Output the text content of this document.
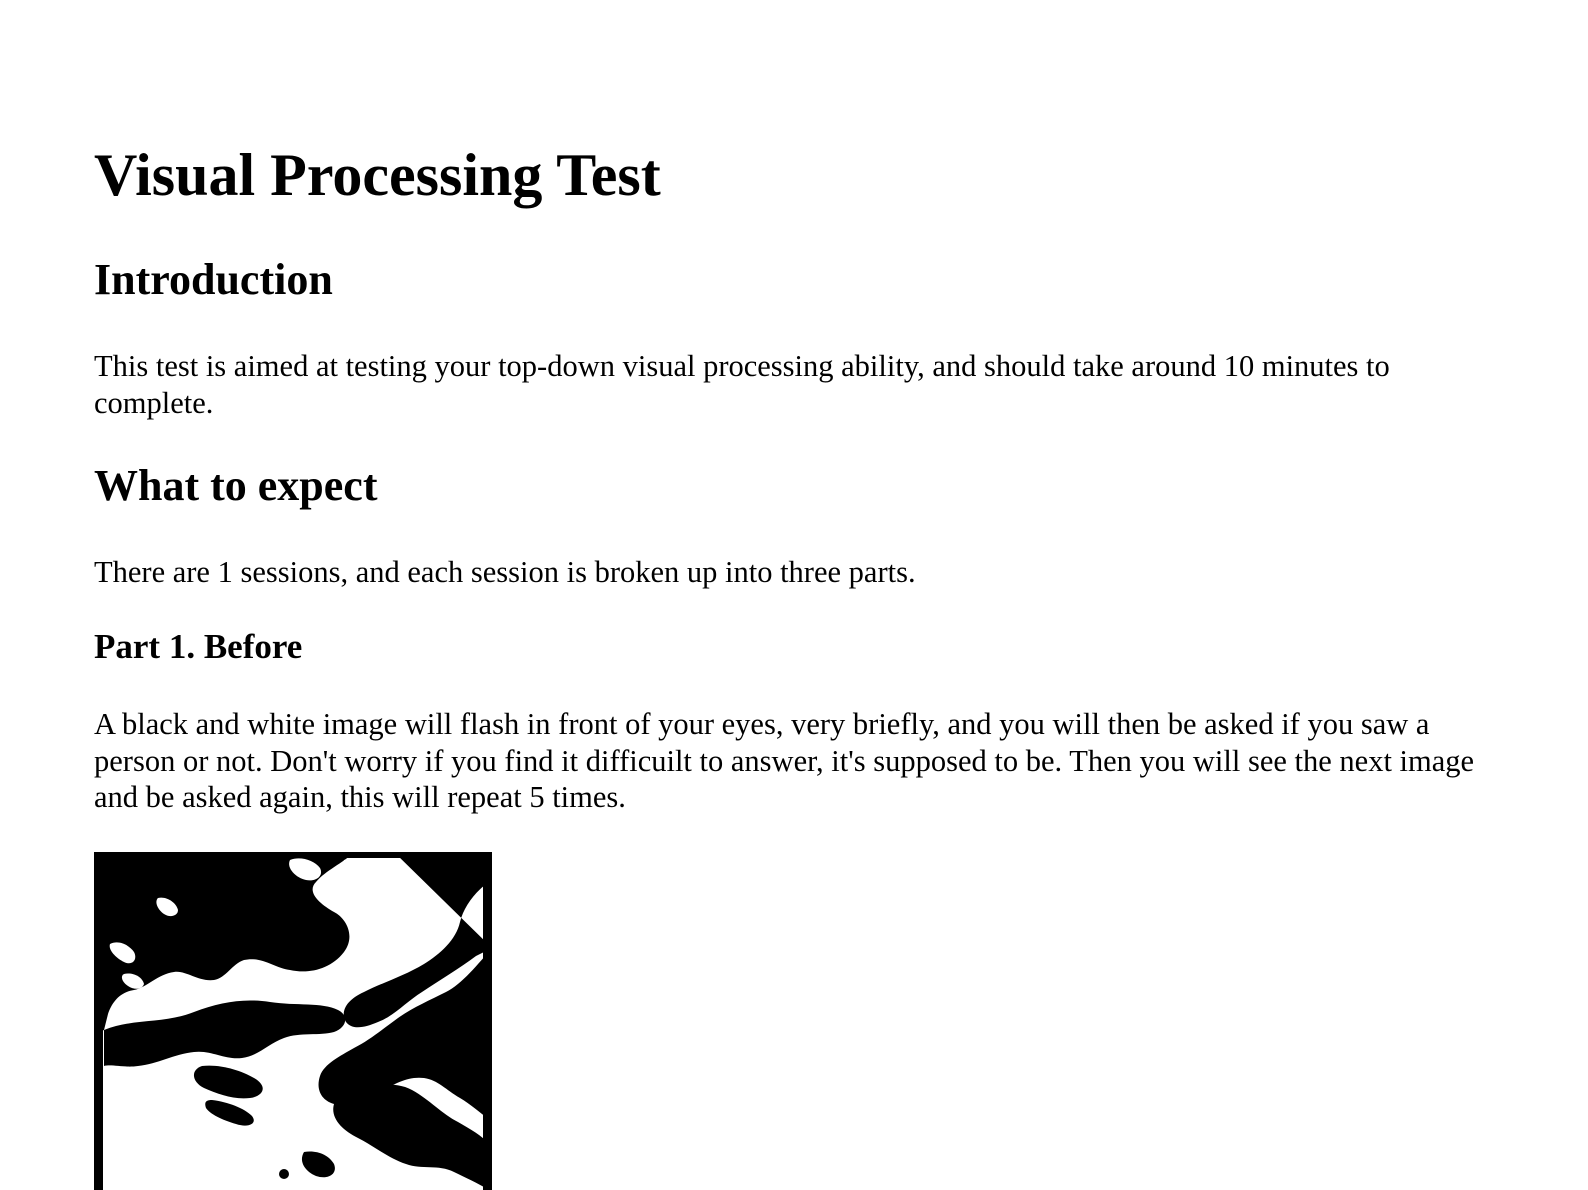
Visual Processing Test
Introduction

This test is aimed at testing your top-down visual processing ability, and should take around 10 minutes to complete.

What to expect

There are 1 sessions, and each session is broken up into three parts.

Part 1. Before

A black and white image will flash in front of your eyes, very briefly, and you will then be asked if you saw a person or not. Don't worry if you find it difficuilt to answer, it's supposed to be. Then you will see the next image and be asked again, this will repeat 5 times.
